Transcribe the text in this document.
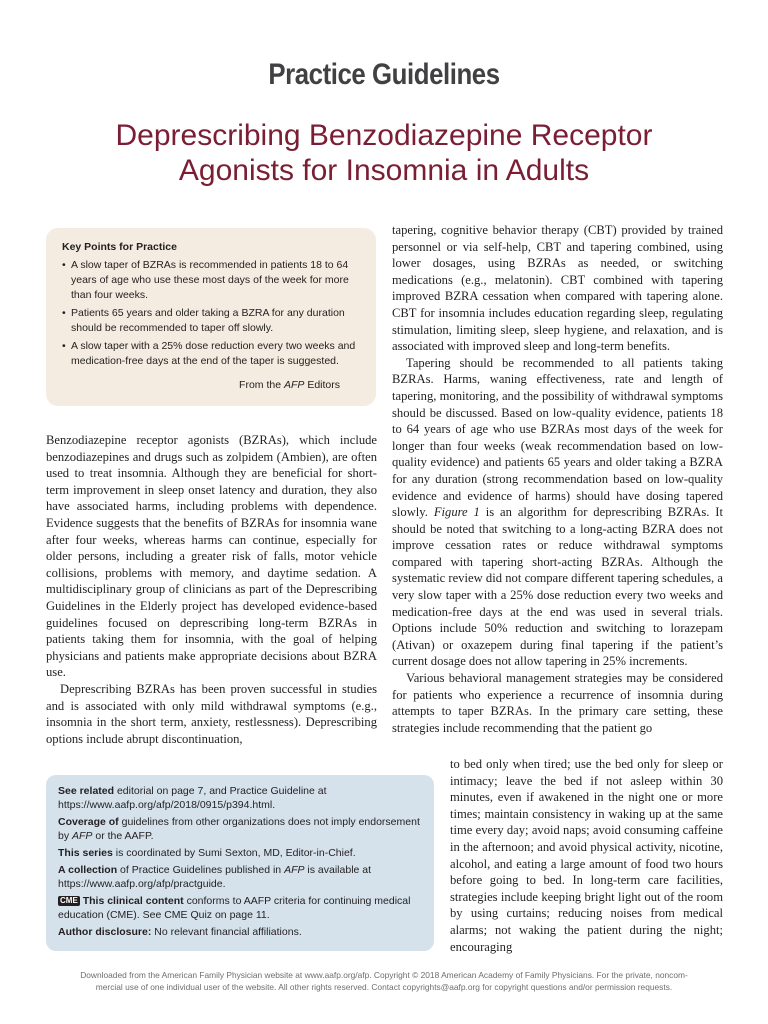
Practice Guidelines
Deprescribing Benzodiazepine Receptor
Agonists for Insomnia in Adults
Key Points for Practice
• A slow taper of BZRAs is recommended in patients 18 to 64 years of age who use these most days of the week for more than four weeks.
• Patients 65 years and older taking a BZRA for any duration should be recommended to taper off slowly.
• A slow taper with a 25% dose reduction every two weeks and medication-free days at the end of the taper is suggested.
From the AFP Editors

Benzodiazepine receptor agonists (BZRAs), which include benzodiazepines and drugs such as zolpidem (Ambien), are often used to treat insomnia. Although they are beneficial for short-term improvement in sleep onset latency and duration, they also have associated harms, including problems with dependence. Evidence suggests that the benefits of BZRAs for insomnia wane after four weeks, whereas harms can continue, especially for older persons, including a greater risk of falls, motor vehicle collisions, problems with memory, and daytime sedation. A multidisciplinary group of clinicians as part of the Deprescribing Guidelines in the Elderly project has developed evidence-based guidelines focused on deprescribing long-term BZRAs in patients taking them for insomnia, with the goal of helping physicians and patients make appropriate decisions about BZRA use.

Deprescribing BZRAs has been proven successful in studies and is associated with only mild withdrawal symptoms (e.g., insomnia in the short term, anxiety, restlessness). Deprescribing options include abrupt discontinuation,

tapering, cognitive behavior therapy (CBT) provided by trained personnel or via self-help, CBT and tapering combined, using lower dosages, using BZRAs as needed, or switching medications (e.g., melatonin). CBT combined with tapering improved BZRA cessation when compared with tapering alone. CBT for insomnia includes education regarding sleep, regulating stimulation, limiting sleep, sleep hygiene, and relaxation, and is associated with improved sleep and long-term benefits.

Tapering should be recommended to all patients taking BZRAs. Harms, waning effectiveness, rate and length of tapering, monitoring, and the possibility of withdrawal symptoms should be discussed. Based on low-quality evidence, patients 18 to 64 years of age who use BZRAs most days of the week for longer than four weeks (weak recommendation based on low-quality evidence) and patients 65 years and older taking a BZRA for any duration (strong recommendation based on low-quality evidence and evidence of harms) should have dosing tapered slowly. Figure 1 is an algorithm for deprescribing BZRAs. It should be noted that switching to a long-acting BZRA does not improve cessation rates or reduce withdrawal symptoms compared with tapering short-acting BZRAs. Although the systematic review did not compare different tapering schedules, a very slow taper with a 25% dose reduction every two weeks and medication-free days at the end was used in several trials. Options include 50% reduction and switching to lorazepam (Ativan) or oxazepem during final tapering if the patient’s current dosage does not allow tapering in 25% increments.

Various behavioral management strategies may be considered for patients who experience a recurrence of insomnia during attempts to taper BZRAs. In the primary care setting, these strategies include recommending that the patient go

to bed only when tired; use the bed only for sleep or intimacy; leave the bed if not asleep within 30 minutes, even if awakened in the night one or more times; maintain consistency in waking up at the same time every day; avoid naps; avoid consuming caffeine in the afternoon; and avoid physical activity, nicotine, alcohol, and eating a large amount of food two hours before going to bed. In long-term care facilities, strategies include keeping bright light out of the room by using curtains; reducing noises from medical alarms; not waking the patient during the night; encouraging

See related editorial on page 7, and Practice Guideline at https://www.aafp.org/afp/2018/0915/p394.html.

Coverage of guidelines from other organizations does not imply endorsement by AFP or the AAFP.

This series is coordinated by Sumi Sexton, MD, Editor-in-Chief.

A collection of Practice Guidelines published in AFP is available at https://www.aafp.org/afp/practguide.

CME This clinical content conforms to AAFP criteria for continuing medical education (CME). See CME Quiz on page 11.

Author disclosure: No relevant financial affiliations.

Downloaded from the American Family Physician website at www.aafp.org/afp. Copyright © 2018 American Academy of Family Physicians. For the private, noncom-
mercial use of one individual user of the website. All other rights reserved. Contact copyrights@aafp.org for copyright questions and/or permission requests.
